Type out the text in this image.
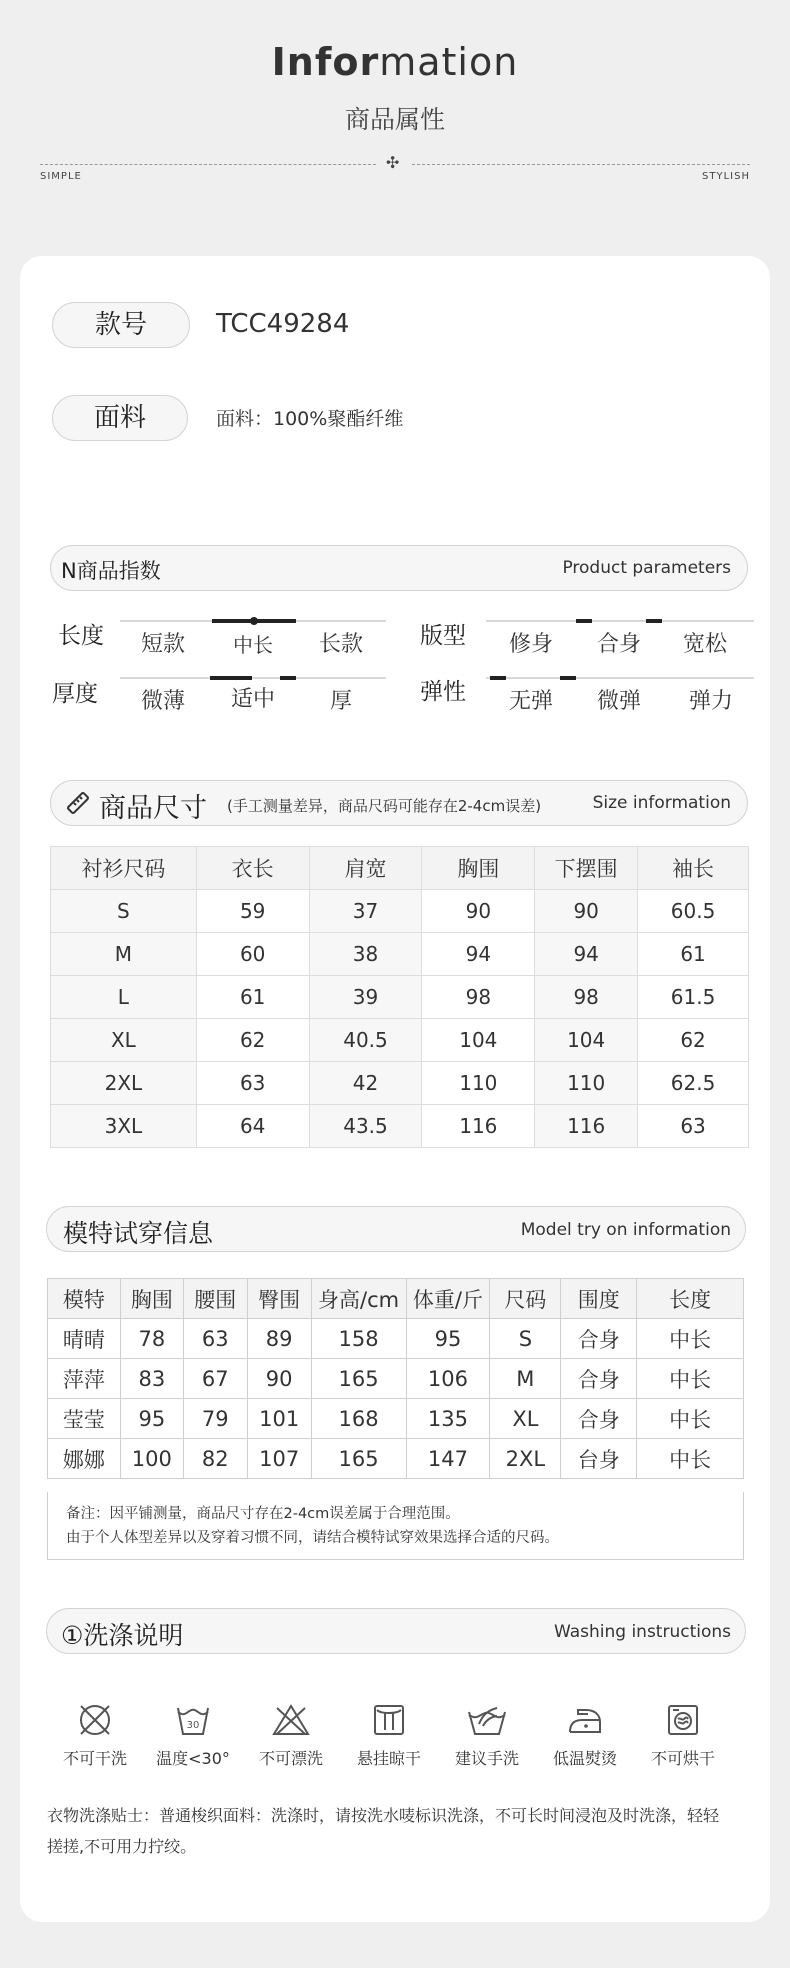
Information
商品属性
✣
SIMPLE	STYLISH
款号	TCC49284
面料	面料：100%聚酯纤维
N商品指数	Product parameters
长度	短款	中长	长款	版型	修身	合身	宽松
厚度	微薄	适中	厚	弹性	无弹	微弹	弹力
商品尺寸 (手工测量差异，商品尺码可能存在2-4cm误差)	Size information
衬衫尺码	衣长	肩宽	胸围	下摆围	袖长
S	59	37	90	90	60.5
M	60	38	94	94	61
L	61	39	98	98	61.5
XL	62	40.5	104	104	62
2XL	63	42	110	110	62.5
3XL	64	43.5	116	116	63
模特试穿信息	Model try on information
模特	胸围	腰围	臀围	身高/cm	体重/斤	尺码	围度	长度
晴晴	78	63	89	158	95	S	合身	中长
萍萍	83	67	90	165	106	M	合身	中长
莹莹	95	79	101	168	135	XL	合身	中长
娜娜	100	82	107	165	147	2XL	台身	中长
备注：因平铺测量，商品尺寸存在2-4cm误差属于合理范围。
由于个人体型差异以及穿着习惯不同，请结合模特试穿效果选择合适的尺码。
①洗涤说明	Washing instructions
不可干洗
30
温度<30°	不可漂洗	悬挂晾干	建议手洗	低温熨烫	不可烘干
衣物洗涤贴士：普通梭织面料：洗涤时，请按洗水唛标识洗涤，不可长时间浸泡及时洗涤，轻轻
搓搓,不可用力拧绞。
